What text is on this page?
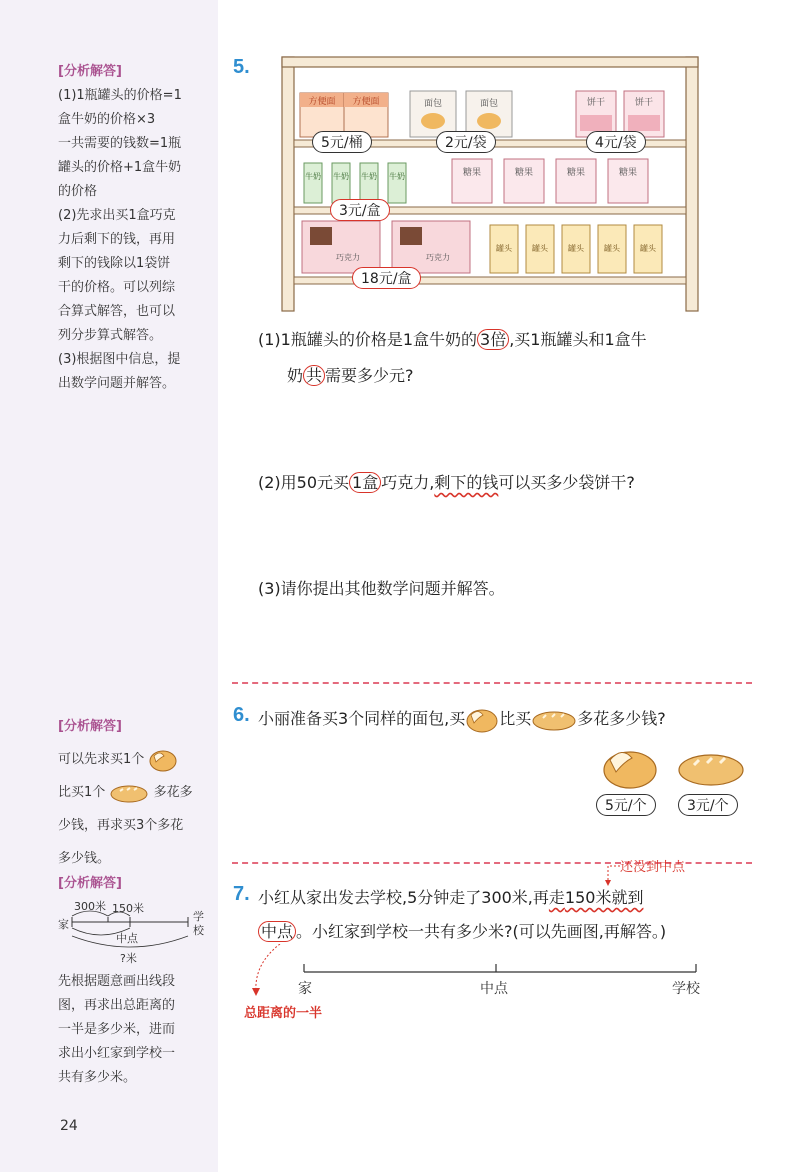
[分析解答]
(1)1瓶罐头的价格=1
盒牛奶的价格×3
一共需要的钱数=1瓶
罐头的价格+1盒牛奶
的价格
(2)先求出买1盒巧克
力后剩下的钱，再用
剩下的钱除以1袋饼
干的价格。可以列综
合算式解答，也可以
列分步算式解答。
(3)根据图中信息，提
出数学问题并解答。
[分析解答]
可以先求买1个
比买1个	多花多
少钱，再求买3个多花
多少钱。
[分析解答]
300米 150米
家
学
校
中点
?米
先根据题意画出线段
图，再求出总距离的
一半是多少米，进而
求出小红家到学校一
共有多少米。
24
5.
方便面 方便面	面包	面包	饼干	饼干
牛奶 牛奶 牛奶 牛奶	糖果	糖果	糖果	糖果
巧克力	巧克力
罐头	罐头	罐头	罐头	罐头
5元/桶	2元/袋	4元/袋
3元/盒
18元/盒
(1)1瓶罐头的价格是1盒牛奶的 3倍 ,买1瓶罐头和1盒牛
奶 共 需要多少元?
(2)用50元买 1盒 巧克力,剩下的钱可以买多少袋饼干?
(3)请你提出其他数学问题并解答。
6. 小丽准备买3个同样的面包,买 比买	多花多少钱?
5元/个	3元/个
还没到中点
7. 小红从家出发去学校,5分钟走了300米,再走150米就到
中点 。小红家到学校一共有多少米?(可以先画图,再解答。)
家	中点	学校
总距离的一半
